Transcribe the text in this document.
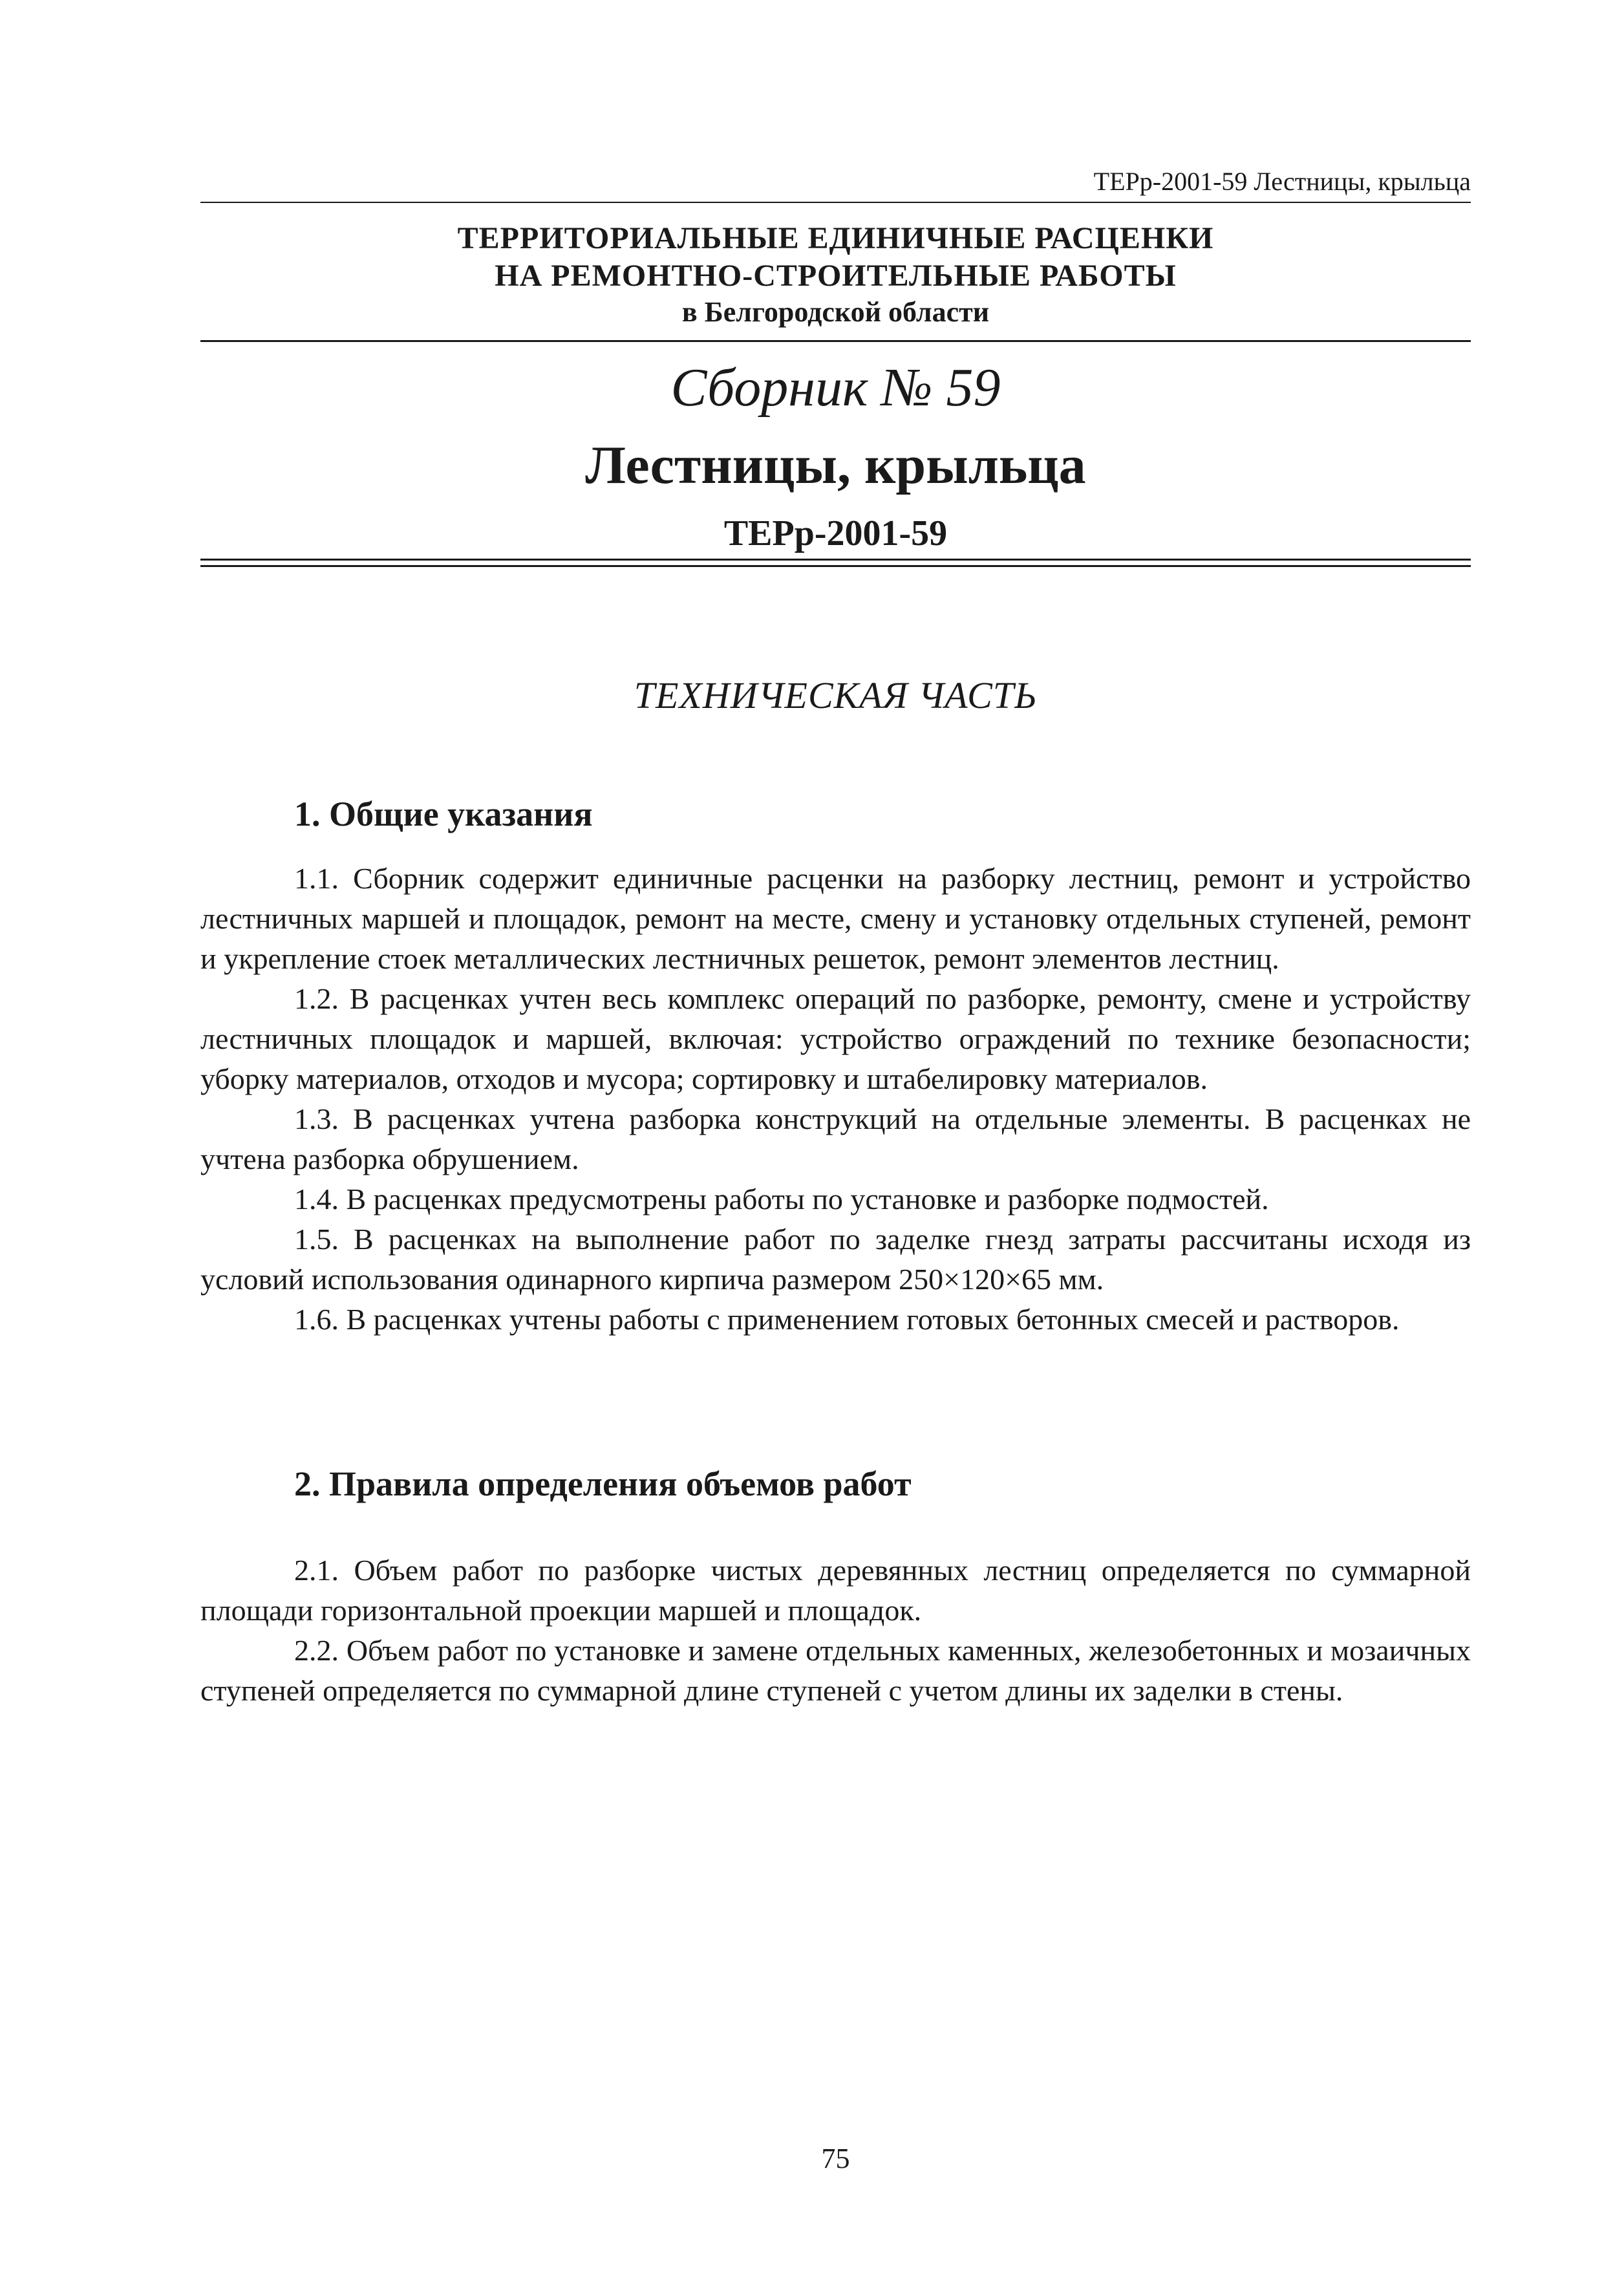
ТЕРр-2001-59 Лестницы, крыльца
ТЕРРИТОРИАЛЬНЫЕ ЕДИНИЧНЫЕ РАСЦЕНКИ
НА РЕМОНТНО-СТРОИТЕЛЬНЫЕ РАБОТЫ
в Белгородской области
Сборник № 59
Лестницы, крыльца
ТЕРр-2001-59
ТЕХНИЧЕСКАЯ ЧАСТЬ
1. Общие указания

1.1. Сборник содержит единичные расценки на разборку лестниц, ремонт и устройство лестничных маршей и площадок, ремонт на месте, смену и установку отдельных ступеней, ремонт и укрепление стоек металлических лестничных решеток, ремонт элементов лестниц.

1.2. В расценках учтен весь комплекс операций по разборке, ремонту, смене и устройству лестничных площадок и маршей, включая: устройство ограждений по технике безопасности; уборку материалов, отходов и мусора; сортировку и штабелировку материалов.

1.3. В расценках учтена разборка конструкций на отдельные элементы. В расценках не учтена разборка обрушением.

1.4. В расценках предусмотрены работы по установке и разборке подмостей.

1.5. В расценках на выполнение работ по заделке гнезд затраты рассчитаны исходя из условий использования одинарного кирпича размером 250×120×65 мм.

1.6. В расценках учтены работы с применением готовых бетонных смесей и растворов.

2. Правила определения объемов работ

2.1. Объем работ по разборке чистых деревянных лестниц определяется по суммарной площади горизонтальной проекции маршей и площадок.

2.2. Объем работ по установке и замене отдельных каменных, железобетонных и мозаичных ступеней определяется по суммарной длине ступеней с учетом длины их заделки в стены.

75
